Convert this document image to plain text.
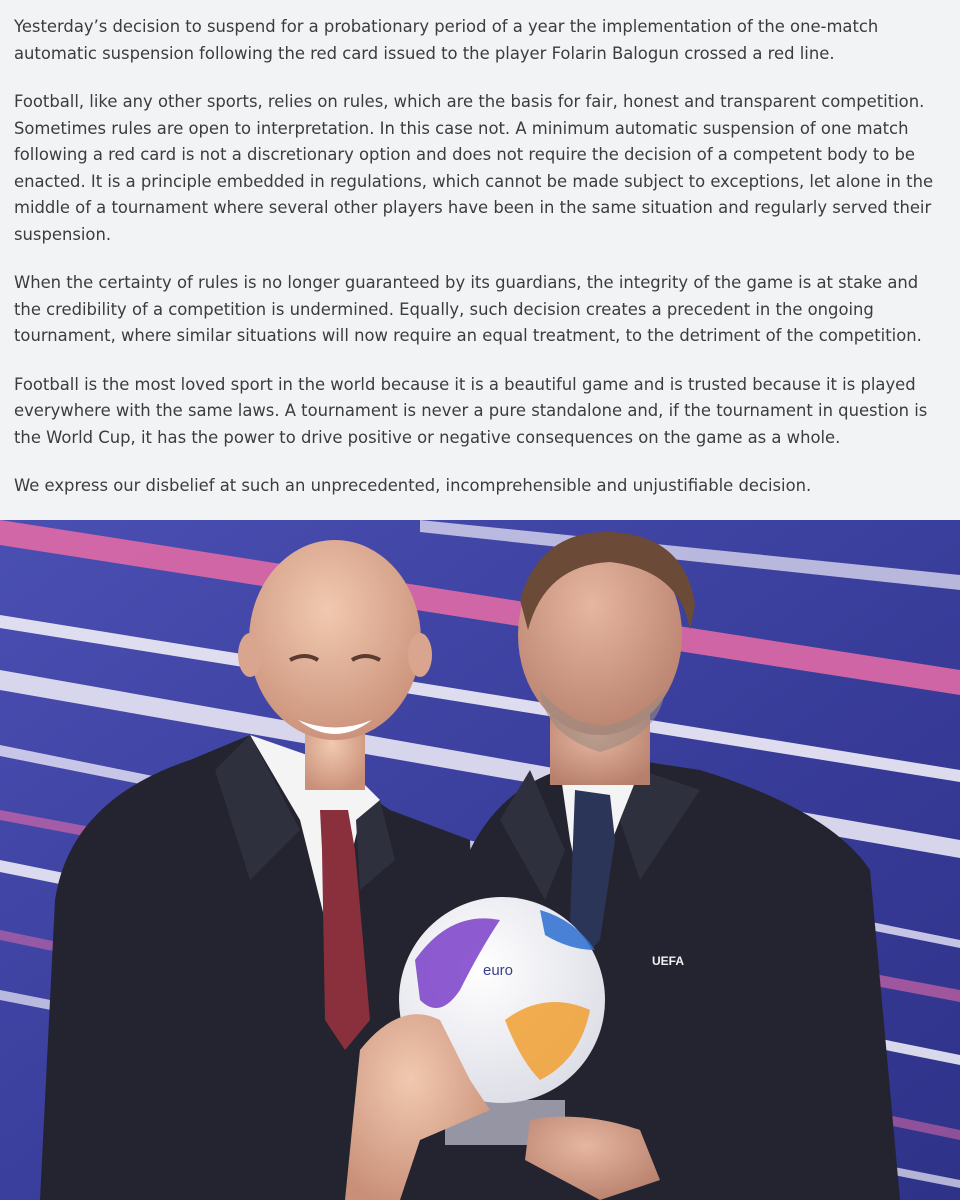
Yesterday’s decision to suspend for a probationary period of a year the implementation of the one-match automatic suspension following the red card issued to the player Folarin Balogun crossed a red line.

Football, like any other sports, relies on rules, which are the basis for fair, honest and transparent competition. Sometimes rules are open to interpretation. In this case not. A minimum automatic suspension of one match following a red card is not a discretionary option and does not require the decision of a competent body to be enacted. It is a principle embedded in regulations, which cannot be made subject to exceptions, let alone in the middle of a tournament where several other players have been in the same situation and regularly served their suspension.

When the certainty of rules is no longer guaranteed by its guardians, the integrity of the game is at stake and the credibility of a competition is undermined. Equally, such decision creates a precedent in the ongoing tournament, where similar situations will now require an equal treatment, to the detriment of the competition.

Football is the most loved sport in the world because it is a beautiful game and is trusted because it is played everywhere with the same laws. A tournament is never a pure standalone and, if the tournament in question is the World Cup, it has the power to drive positive or negative consequences on the game as a whole.

We express our disbelief at such an unprecedented, incomprehensible and unjustifiable decision.

UEFA
euro
